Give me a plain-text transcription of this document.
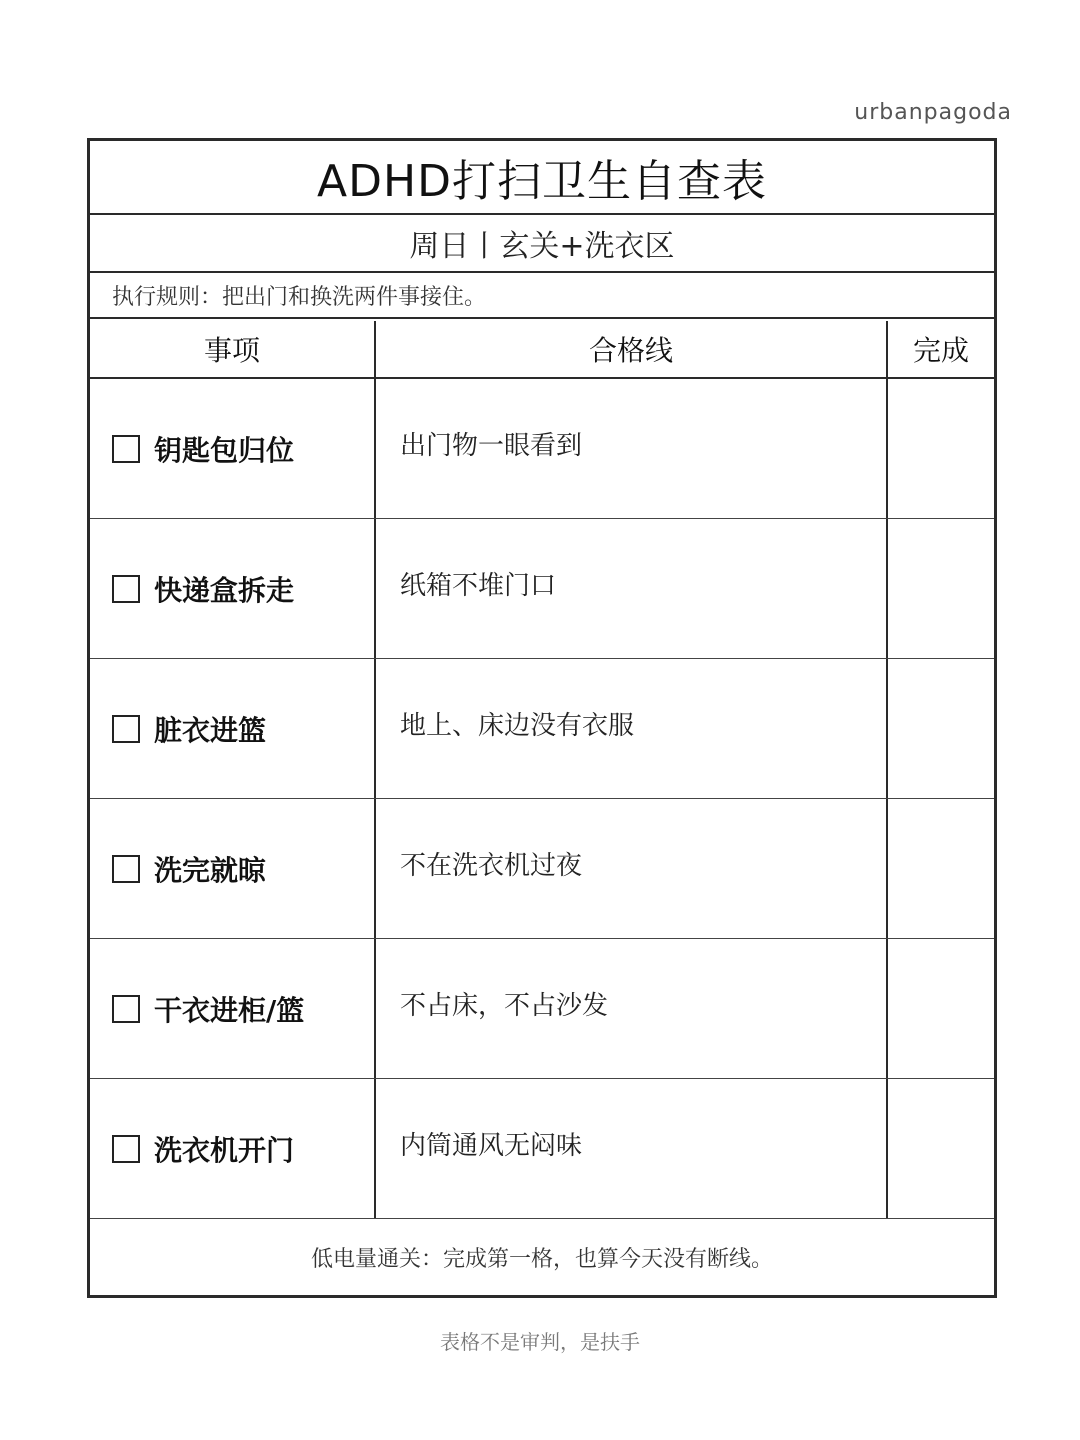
urbanpagoda
ADHD打扫卫生自查表
周日丨玄关+洗衣区
执行规则：把出门和换洗两件事接住。
事项	合格线	完成
钥匙包归位	出门物一眼看到
快递盒拆走	纸箱不堆门口
脏衣进篮	地上、床边没有衣服
洗完就晾	不在洗衣机过夜
干衣进柜/篮	不占床，不占沙发
洗衣机开门	内筒通风无闷味
低电量通关：完成第一格，也算今天没有断线。
表格不是审判，是扶手
